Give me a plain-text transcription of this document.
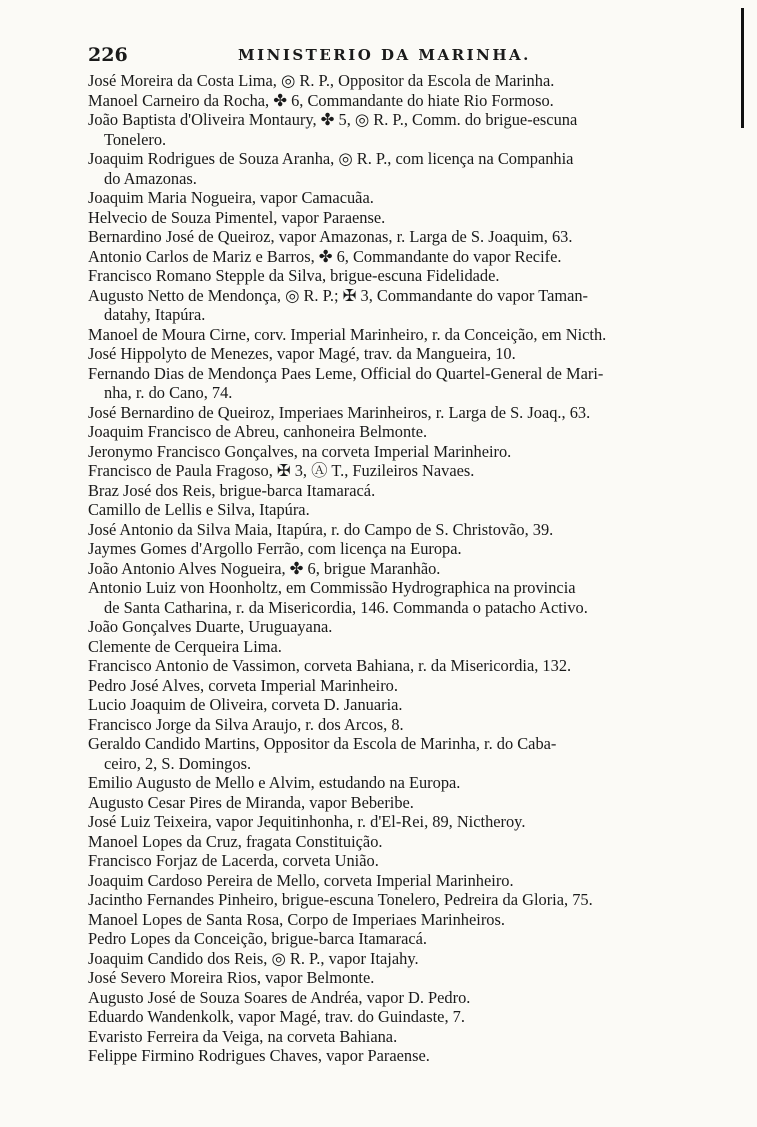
226	MINISTERIO DA MARINHA.
José Moreira da Costa Lima, ◎ R. P., Oppositor da Escola de Marinha.
Manoel Carneiro da Rocha, ✤ 6, Commandante do hiate Rio Formoso.
João Baptista d'Oliveira Montaury, ✤ 5, ◎ R. P., Comm. do brigue-escuna
Tonelero.
Joaquim Rodrigues de Souza Aranha, ◎ R. P., com licença na Companhia
do Amazonas.
Joaquim Maria Nogueira, vapor Camacuãa.
Helvecio de Souza Pimentel, vapor Paraense.
Bernardino José de Queiroz, vapor Amazonas, r. Larga de S. Joaquim, 63.
Antonio Carlos de Mariz e Barros, ✤ 6, Commandante do vapor Recife.
Francisco Romano Stepple da Silva, brigue-escuna Fidelidade.
Augusto Netto de Mendonça, ◎ R. P.; ✠ 3, Commandante do vapor Taman-
datahy, Itapúra.
Manoel de Moura Cirne, corv. Imperial Marinheiro, r. da Conceição, em Nicth.
José Hippolyto de Menezes, vapor Magé, trav. da Mangueira, 10.
Fernando Dias de Mendonça Paes Leme, Official do Quartel-General de Mari-
nha, r. do Cano, 74.
José Bernardino de Queiroz, Imperiaes Marinheiros, r. Larga de S. Joaq., 63.
Joaquim Francisco de Abreu, canhoneira Belmonte.
Jeronymo Francisco Gonçalves, na corveta Imperial Marinheiro.
Francisco de Paula Fragoso, ✠ 3, Ⓐ T., Fuzileiros Navaes.
Braz José dos Reis, brigue-barca Itamaracá.
Camillo de Lellis e Silva, Itapúra.
José Antonio da Silva Maia, Itapúra, r. do Campo de S. Christovão, 39.
Jaymes Gomes d'Argollo Ferrão, com licença na Europa.
João Antonio Alves Nogueira, ✤ 6, brigue Maranhão.
Antonio Luiz von Hoonholtz, em Commissão Hydrographica na provincia
de Santa Catharina, r. da Misericordia, 146. Commanda o patacho Activo.
João Gonçalves Duarte, Uruguayana.
Clemente de Cerqueira Lima.
Francisco Antonio de Vassimon, corveta Bahiana, r. da Misericordia, 132.
Pedro José Alves, corveta Imperial Marinheiro.
Lucio Joaquim de Oliveira, corveta D. Januaria.
Francisco Jorge da Silva Araujo, r. dos Arcos, 8.
Geraldo Candido Martins, Oppositor da Escola de Marinha, r. do Caba-
ceiro, 2, S. Domingos.
Emilio Augusto de Mello e Alvim, estudando na Europa.
Augusto Cesar Pires de Miranda, vapor Beberibe.
José Luiz Teixeira, vapor Jequitinhonha, r. d'El-Rei, 89, Nictheroy.
Manoel Lopes da Cruz, fragata Constituição.
Francisco Forjaz de Lacerda, corveta União.
Joaquim Cardoso Pereira de Mello, corveta Imperial Marinheiro.
Jacintho Fernandes Pinheiro, brigue-escuna Tonelero, Pedreira da Gloria, 75.
Manoel Lopes de Santa Rosa, Corpo de Imperiaes Marinheiros.
Pedro Lopes da Conceição, brigue-barca Itamaracá.
Joaquim Candido dos Reis, ◎ R. P., vapor Itajahy.
José Severo Moreira Rios, vapor Belmonte.
Augusto José de Souza Soares de Andréa, vapor D. Pedro.
Eduardo Wandenkolk, vapor Magé, trav. do Guindaste, 7.
Evaristo Ferreira da Veiga, na corveta Bahiana.
Felippe Firmino Rodrigues Chaves, vapor Paraense.
